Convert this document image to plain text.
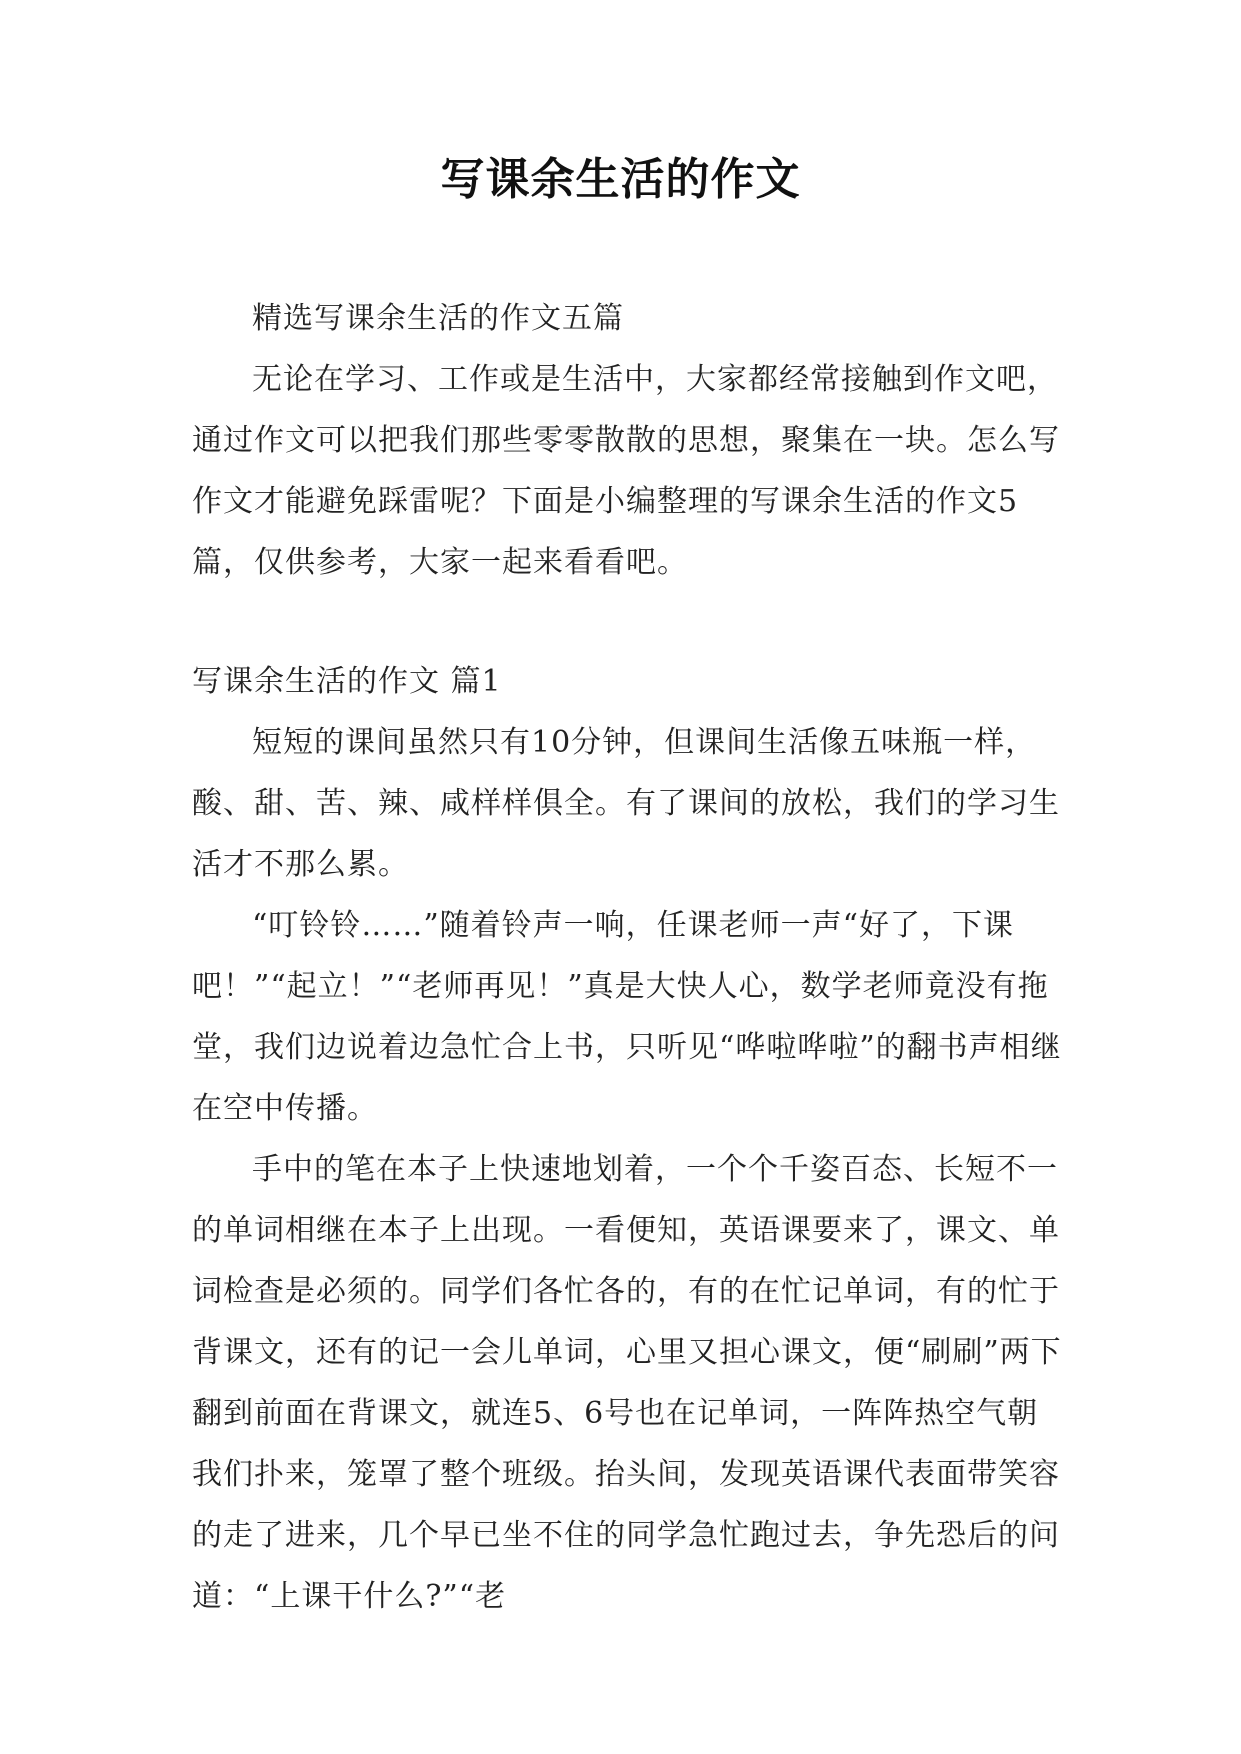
写课余生活的作文

精选写课余生活的作文五篇

无论在学习、工作或是生活中，大家都经常接触到作文吧，通过作文可以把我们那些零零散散的思想，聚集在一块。怎么写作文才能避免踩雷呢？下面是小编整理的写课余生活的作文5篇，仅供参考，大家一起来看看吧。

写课余生活的作文 篇1

短短的课间虽然只有10分钟，但课间生活像五味瓶一样，酸、甜、苦、辣、咸样样俱全。有了课间的放松，我们的学习生活才不那么累。

“叮铃铃……”随着铃声一响，任课老师一声“好了，下课吧！”“起立！”“老师再见！”真是大快人心，数学老师竟没有拖堂，我们边说着边急忙合上书，只听见“哗啦哗啦”的翻书声相继在空中传播。

手中的笔在本子上快速地划着，一个个千姿百态、长短不一的单词相继在本子上出现。一看便知，英语课要来了，课文、单词检查是必须的。同学们各忙各的，有的在忙记单词，有的忙于背课文，还有的记一会儿单词，心里又担心课文，便“刷刷”两下翻到前面在背课文，就连5、6号也在记单词，一阵阵热空气朝我们扑来，笼罩了整个班级。抬头间，发现英语课代表面带笑容的走了进来，几个早已坐不住的同学急忙跑过去，争先恐后的问道：“上课干什么?”“老
